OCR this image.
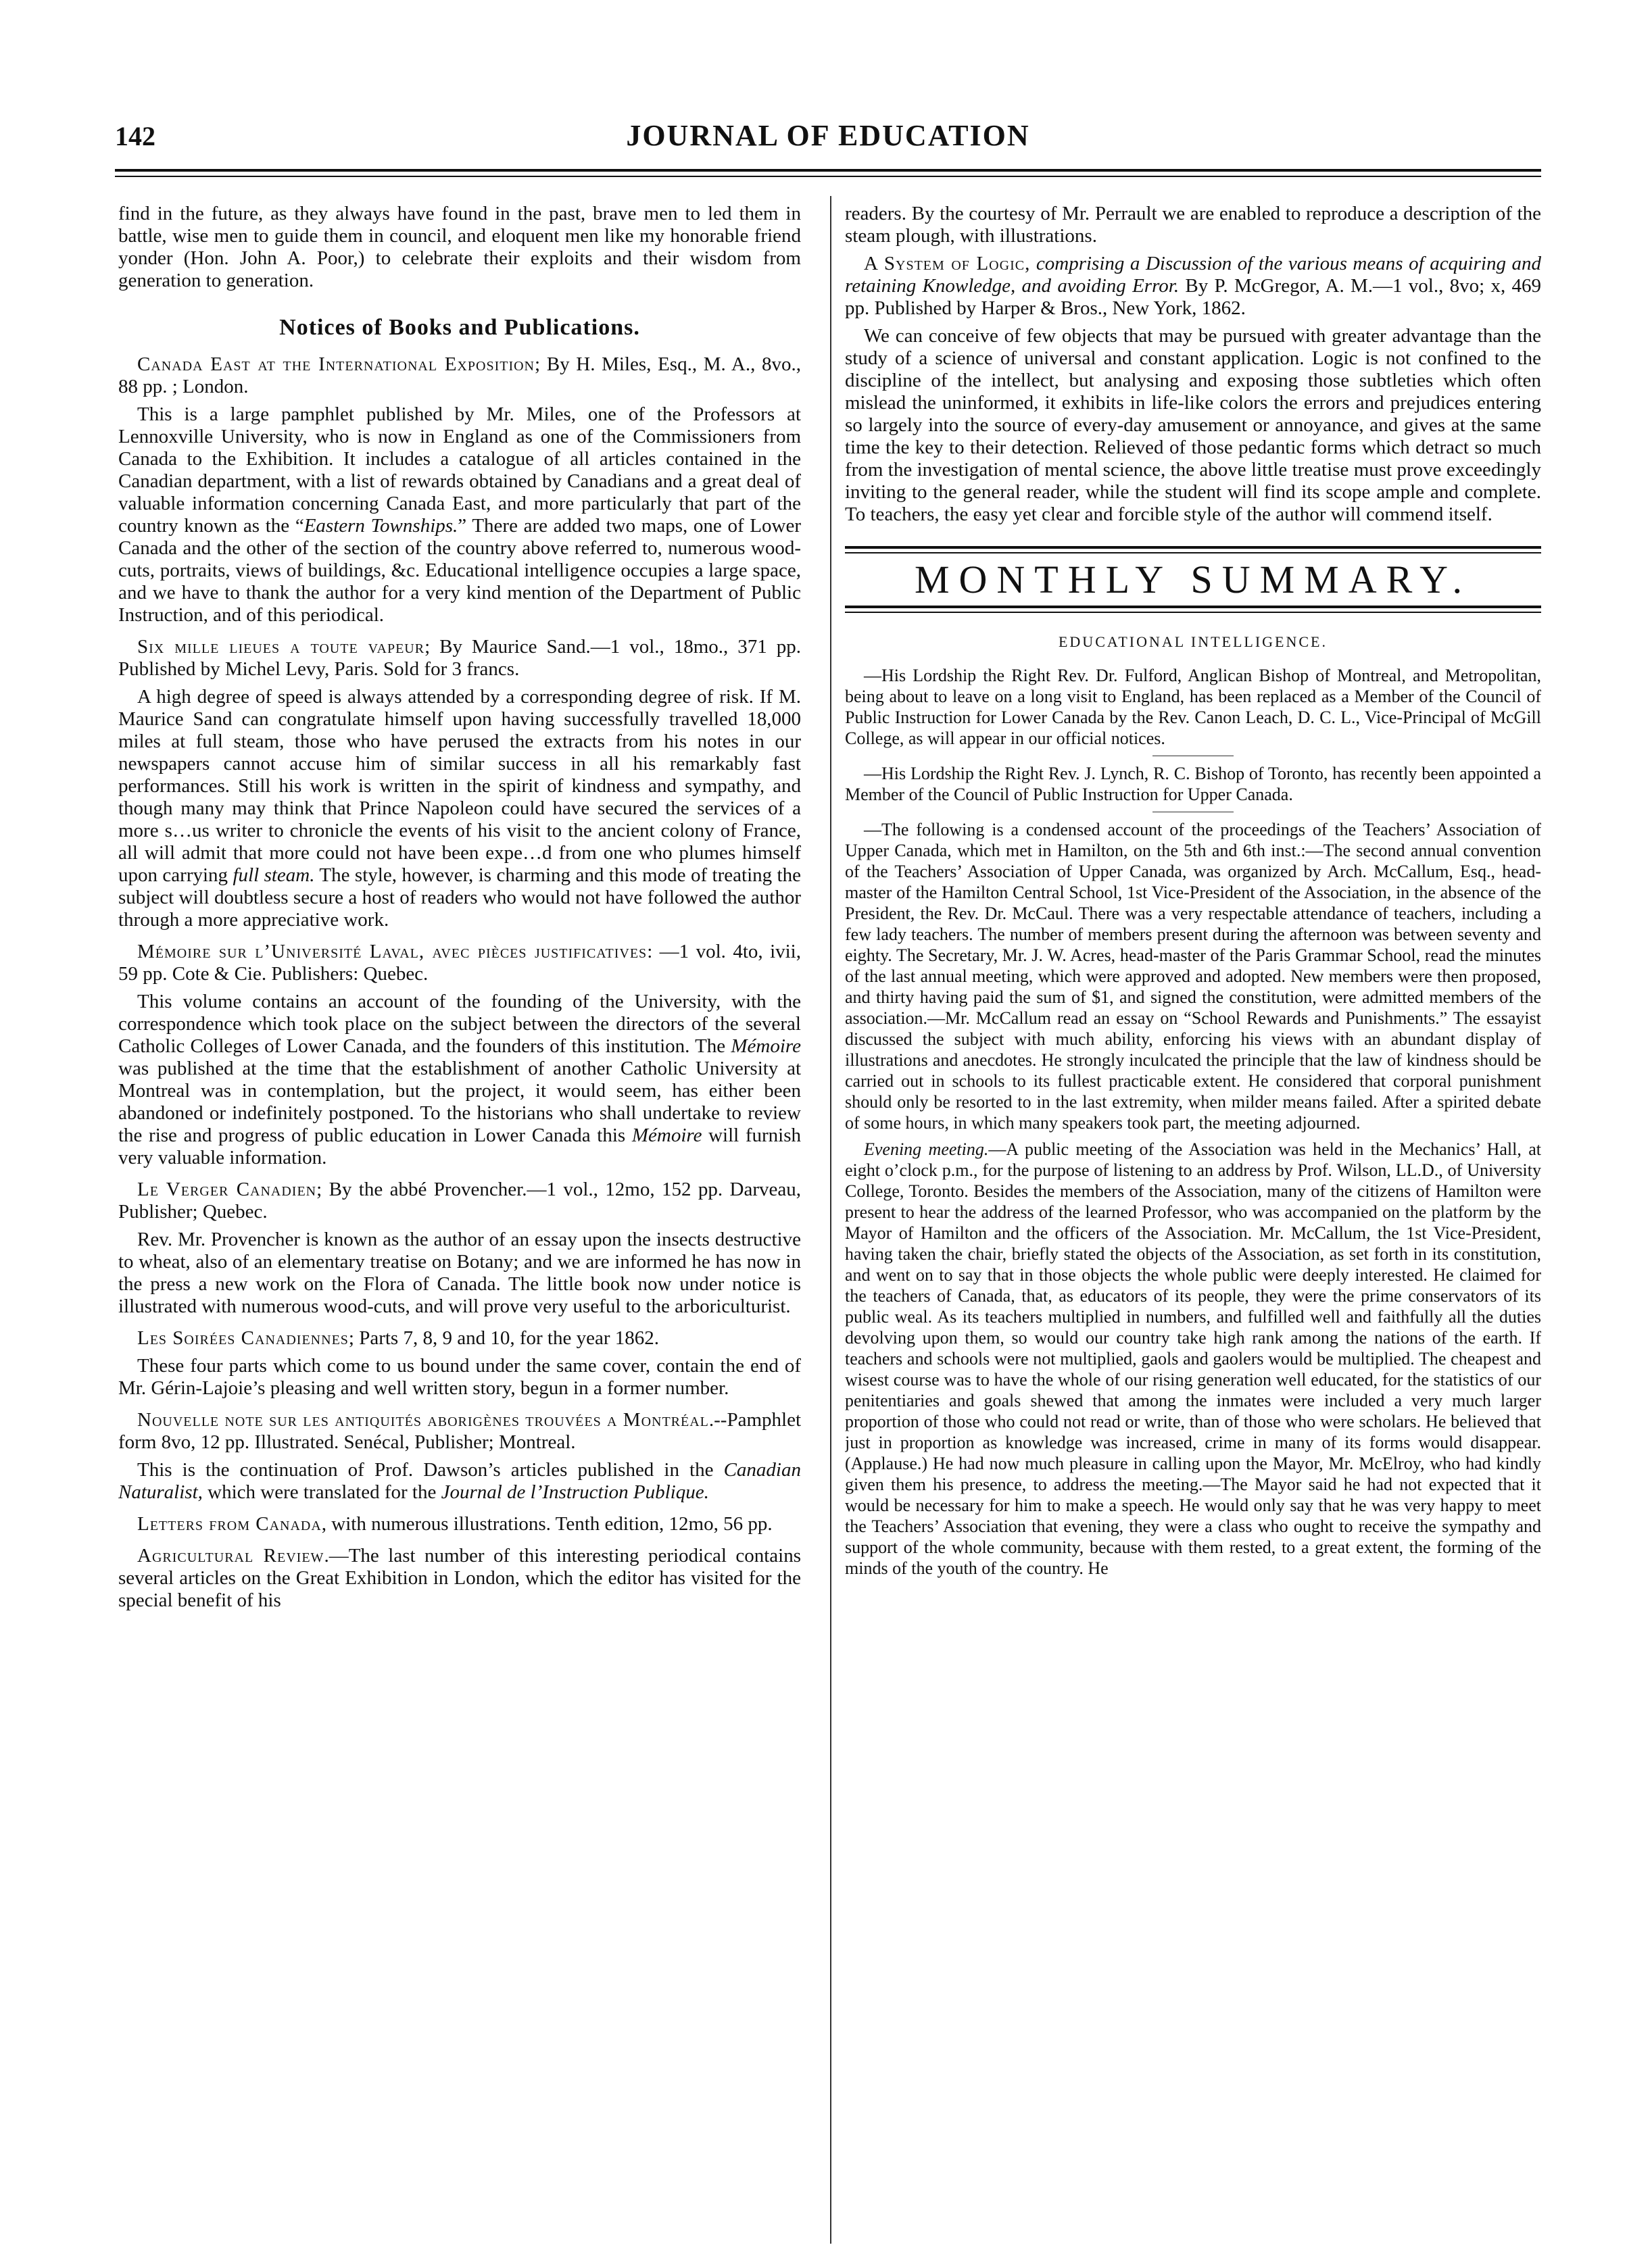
142	JOURNAL OF EDUCATION

find in the future, as they always have found in the past, brave men to led them in battle, wise men to guide them in council, and eloquent men like my honorable friend yonder (Hon. John A. Poor,) to celebrate their exploits and their wisdom from generation to generation.

Notices of Books and Publications.

Canada East at the International Exposition; By H. Miles, Esq., M. A., 8vo., 88 pp. ; London.

This is a large pamphlet published by Mr. Miles, one of the Professors at Lennoxville University, who is now in England as one of the Commissioners from Canada to the Exhibition. It includes a catalogue of all articles contained in the Canadian department, with a list of rewards obtained by Canadians and a great deal of valuable information concerning Canada East, and more particularly that part of the country known as the “Eastern Townships.” There are added two maps, one of Lower Canada and the other of the section of the country above referred to, numerous wood-cuts, portraits, views of buildings, &c. Educational intelligence occupies a large space, and we have to thank the author for a very kind mention of the Department of Public Instruction, and of this periodical.

Six mille lieues a toute vapeur; By Maurice Sand.—1 vol., 18mo., 371 pp. Published by Michel Levy, Paris. Sold for 3 francs.

A high degree of speed is always attended by a corresponding degree of risk. If M. Maurice Sand can congratulate himself upon having successfully travelled 18,000 miles at full steam, those who have perused the extracts from his notes in our newspapers cannot accuse him of similar success in all his remarkably fast performances. Still his work is written in the spirit of kindness and sympathy, and though many may think that Prince Napoleon could have secured the services of a more s…us writer to chronicle the events of his visit to the ancient colony of France, all will admit that more could not have been expe…d from one who plumes himself upon carrying full steam. The style, however, is charming and this mode of treating the subject will doubtless secure a host of readers who would not have followed the author through a more appreciative work.

Mémoire sur l’Université Laval, avec pièces justificatives: —1 vol. 4to, ivii, 59 pp. Cote & Cie. Publishers: Quebec.

This volume contains an account of the founding of the University, with the correspondence which took place on the subject between the directors of the several Catholic Colleges of Lower Canada, and the founders of this institution. The Mémoire was published at the time that the establishment of another Catholic University at Montreal was in contemplation, but the project, it would seem, has either been abandoned or indefinitely postponed. To the historians who shall undertake to review the rise and progress of public education in Lower Canada this Mémoire will furnish very valuable information.

Le Verger Canadien; By the abbé Provencher.—1 vol., 12mo, 152 pp. Darveau, Publisher; Quebec.

Rev. Mr. Provencher is known as the author of an essay upon the insects destructive to wheat, also of an elementary treatise on Botany; and we are informed he has now in the press a new work on the Flora of Canada. The little book now under notice is illustrated with numerous wood-cuts, and will prove very useful to the arboriculturist.

Les Soirées Canadiennes; Parts 7, 8, 9 and 10, for the year 1862.

These four parts which come to us bound under the same cover, contain the end of Mr. Gérin-Lajoie’s pleasing and well written story, begun in a former number.

Nouvelle note sur les antiquités aborigènes trouvées a Montréal.--Pamphlet form 8vo, 12 pp. Illustrated. Senécal, Publisher; Montreal.

This is the continuation of Prof. Dawson’s articles published in the Canadian Naturalist, which were translated for the Journal de l’Instruction Publique.

Letters from Canada, with numerous illustrations. Tenth edition, 12mo, 56 pp.

Agricultural Review.—The last number of this interesting periodical contains several articles on the Great Exhibition in London, which the editor has visited for the special benefit of his

readers. By the courtesy of Mr. Perrault we are enabled to reproduce a description of the steam plough, with illustrations.

A System of Logic, comprising a Discussion of the various means of acquiring and retaining Knowledge, and avoiding Error. By P. McGregor, A. M.—1 vol., 8vo; x, 469 pp. Published by Harper & Bros., New York, 1862.

We can conceive of few objects that may be pursued with greater advantage than the study of a science of universal and constant application. Logic is not confined to the discipline of the intellect, but analysing and exposing those subtleties which often mislead the uninformed, it exhibits in life-like colors the errors and prejudices entering so largely into the source of every-day amusement or annoyance, and gives at the same time the key to their detection. Relieved of those pedantic forms which detract so much from the investigation of mental science, the above little treatise must prove exceedingly inviting to the general reader, while the student will find its scope ample and complete. To teachers, the easy yet clear and forcible style of the author will commend itself.

MONTHLY SUMMARY.
EDUCATIONAL INTELLIGENCE.

—His Lordship the Right Rev. Dr. Fulford, Anglican Bishop of Montreal, and Metropolitan, being about to leave on a long visit to England, has been replaced as a Member of the Council of Public Instruction for Lower Canada by the Rev. Canon Leach, D. C. L., Vice-Principal of McGill College, as will appear in our official notices.

—His Lordship the Right Rev. J. Lynch, R. C. Bishop of Toronto, has recently been appointed a Member of the Council of Public Instruction for Upper Canada.

—The following is a condensed account of the proceedings of the Teachers’ Association of Upper Canada, which met in Hamilton, on the 5th and 6th inst.:—The second annual convention of the Teachers’ Association of Upper Canada, was organized by Arch. McCallum, Esq., head-master of the Hamilton Central School, 1st Vice-President of the Association, in the absence of the President, the Rev. Dr. McCaul. There was a very respectable attendance of teachers, including a few lady teachers. The number of members present during the afternoon was between seventy and eighty. The Secretary, Mr. J. W. Acres, head-master of the Paris Grammar School, read the minutes of the last annual meeting, which were approved and adopted. New members were then proposed, and thirty having paid the sum of $1, and signed the constitution, were admitted members of the association.—Mr. McCallum read an essay on “School Rewards and Punishments.” The essayist discussed the subject with much ability, enforcing his views with an abundant display of illustrations and anecdotes. He strongly inculcated the principle that the law of kindness should be carried out in schools to its fullest practicable extent. He considered that corporal punishment should only be resorted to in the last extremity, when milder means failed. After a spirited debate of some hours, in which many speakers took part, the meeting adjourned.

Evening meeting.—A public meeting of the Association was held in the Mechanics’ Hall, at eight o’clock p.m., for the purpose of listening to an address by Prof. Wilson, LL.D., of University College, Toronto. Besides the members of the Association, many of the citizens of Hamilton were present to hear the address of the learned Professor, who was accompanied on the platform by the Mayor of Hamilton and the officers of the Association. Mr. McCallum, the 1st Vice-President, having taken the chair, briefly stated the objects of the Association, as set forth in its constitution, and went on to say that in those objects the whole public were deeply interested. He claimed for the teachers of Canada, that, as educators of its people, they were the prime conservators of its public weal. As its teachers multiplied in numbers, and fulfilled well and faithfully all the duties devolving upon them, so would our country take high rank among the nations of the earth. If teachers and schools were not multiplied, gaols and gaolers would be multiplied. The cheapest and wisest course was to have the whole of our rising generation well educated, for the statistics of our penitentiaries and goals shewed that among the inmates were included a very much larger proportion of those who could not read or write, than of those who were scholars. He believed that just in proportion as knowledge was increased, crime in many of its forms would disappear. (Applause.) He had now much pleasure in calling upon the Mayor, Mr. McElroy, who had kindly given them his presence, to address the meeting.—The Mayor said he had not expected that it would be necessary for him to make a speech. He would only say that he was very happy to meet the Teachers’ Association that evening, they were a class who ought to receive the sympathy and support of the whole community, because with them rested, to a great extent, the forming of the minds of the youth of the country. He
